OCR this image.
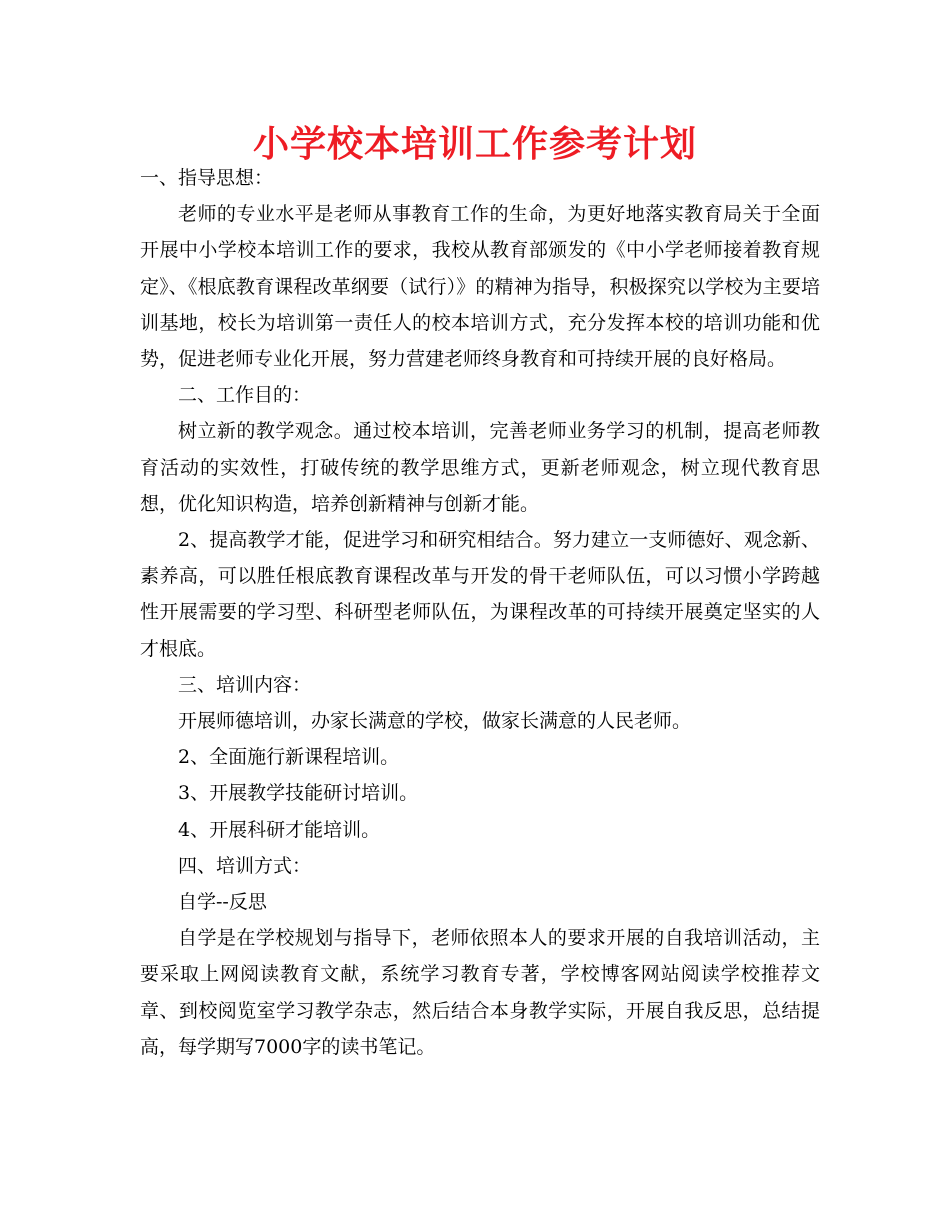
小学校本培训工作参考计划

一、指导思想：

老师的专业水平是老师从事教育工作的生命，为更好地落实教育局关于全面开展中小学校本培训工作的要求，我校从教育部颁发的《中小学老师接着教育规定》、《根底教育课程改革纲要（试行）》的精神为指导，积极探究以学校为主要培训基地，校长为培训第一责任人的校本培训方式，充分发挥本校的培训功能和优势，促进老师专业化开展，努力营建老师终身教育和可持续开展的良好格局。

二、工作目的：

树立新的教学观念。通过校本培训，完善老师业务学习的机制，提高老师教育活动的实效性，打破传统的教学思维方式，更新老师观念，树立现代教育思想，优化知识构造，培养创新精神与创新才能。

2、提高教学才能，促进学习和研究相结合。努力建立一支师德好、观念新、素养高，可以胜任根底教育课程改革与开发的骨干老师队伍，可以习惯小学跨越性开展需要的学习型、科研型老师队伍，为课程改革的可持续开展奠定坚实的人才根底。

三、培训内容：

开展师德培训，办家长满意的学校，做家长满意的人民老师。

2、全面施行新课程培训。

3、开展教学技能研讨培训。

4、开展科研才能培训。

四、培训方式：

自学--反思

自学是在学校规划与指导下，老师依照本人的要求开展的自我培训活动，主要采取上网阅读教育文献，系统学习教育专著，学校博客网站阅读学校推荐文章、到校阅览室学习教学杂志，然后结合本身教学实际，开展自我反思，总结提高，每学期写7000字的读书笔记。
